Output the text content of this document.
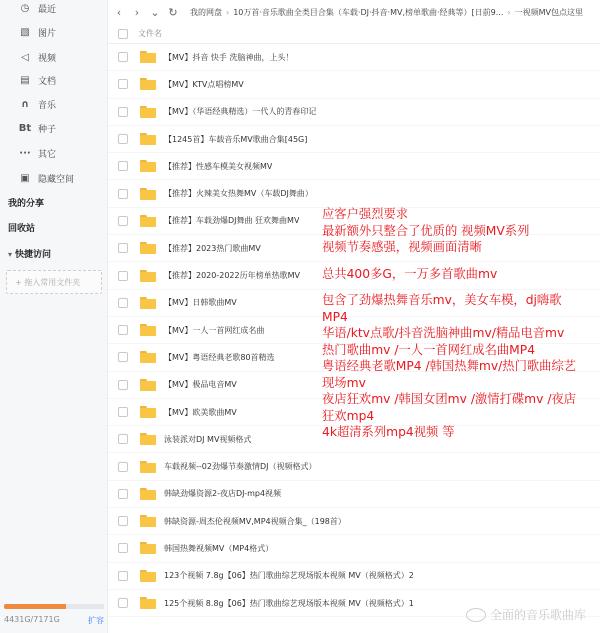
◷ 最近
▧ 图片
◁	视频
▤ 文档
∩ 音乐
Bt 种子
··· 其它
▣ 隐藏空间
我的分享
回收站
▾ 快捷访问
+ 拖入常用文件夹
4431G/7171G	扩容
‹	›	⌄ ↻ 我的网盘 › 10万首·音乐歌曲全类目合集（车载·DJ·抖音·MV,榜单歌曲·经典等）[日前9... › 一视频MV包点这里
文件名
【MV】抖音 快手 洗脑神曲，上头！
【MV】KTV点唱榜MV
【MV】（华语经典精选）一代人的青春印记
【1245首】车载音乐MV歌曲合集[45G]
【推荐】性感车模美女视频MV
【推荐】火辣美女热舞MV（车载DJ舞曲）
【推荐】车载劲爆DJ舞曲 狂欢舞曲MV
【推荐】2023热门歌曲MV
【推荐】2020-2022历年榜单热歌MV
【MV】日韩歌曲MV
【MV】一人一首网红成名曲
【MV】粤语经典老歌80首精选
【MV】极品电音MV
【MV】欧美歌曲MV
泳装派对DJ MV视频格式
车载视频--02劲爆节奏激情DJ（视频格式）
韩缺劲爆资源2-夜店DJ-mp4视频
韩缺资源-周杰伦视频MV,MP4视频合集_（198首）
韩国热舞视频MV（MP4格式）
123个视频 7.8g【06】热门歌曲综艺现场版本视频 MV（视频格式）2
125个视频 8.8g【06】热门歌曲综艺现场版本视频 MV（视频格式）1
应客户强烈要求
最新额外只整合了优质的 视频MV系列
视频节奏感强，视频画面清晰
总共400多G，一万多首歌曲mv
包含了劲爆热舞音乐mv，美女车模，dj嗨歌
MP4
华语/ktv点歌/抖音洗脑神曲mv/精品电音mv
热门歌曲mv /一人一首网红成名曲MP4
粤语经典老歌MP4 /韩国热舞mv/热门歌曲综艺
现场mv
夜店狂欢mv /韩国女团mv /激情打碟mv /夜店
狂欢mp4
4k超清系列mp4视频 等
全面的音乐歌曲库
